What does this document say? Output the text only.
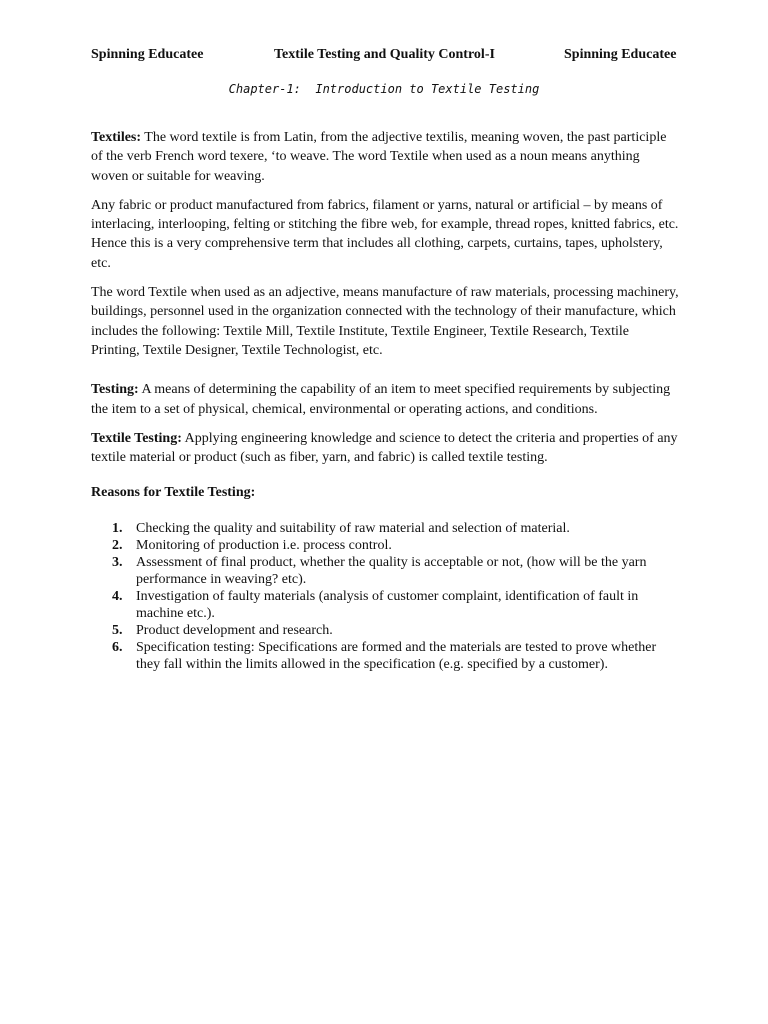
Spinning Educatee	Textile Testing and Quality Control-I	Spinning Educatee
Chapter-1:  Introduction to Textile Testing

Textiles: The word textile is from Latin, from the adjective textilis, meaning woven, the past participle of the verb French word texere, ‘to weave. The word Textile when used as a noun means anything woven or suitable for weaving.

Any fabric or product manufactured from fabrics, filament or yarns, natural or artificial – by means of interlacing, interlooping, felting or stitching the fibre web, for example, thread ropes, knitted fabrics, etc. Hence this is a very comprehensive term that includes all clothing, carpets, curtains, tapes, upholstery, etc.

The word Textile when used as an adjective, means manufacture of raw materials, processing machinery, buildings, personnel used in the organization connected with the technology of their manufacture, which includes the following: Textile Mill, Textile Institute, Textile Engineer, Textile Research, Textile Printing, Textile Designer, Textile Technologist, etc.

Testing: A means of determining the capability of an item to meet specified requirements by subjecting the item to a set of physical, chemical, environmental or operating actions, and conditions.

Textile Testing: Applying engineering knowledge and science to detect the criteria and properties of any textile material or product (such as fiber, yarn, and fabric) is called textile testing.

Reasons for Textile Testing:
1. Checking the quality and suitability of raw material and selection of material.
2. Monitoring of production i.e. process control.
3. Assessment of final product, whether the quality is acceptable or not, (how will be the yarn performance in weaving? etc).
4. Investigation of faulty materials (analysis of customer complaint, identification of fault in machine etc.).
5. Product development and research.
6. Specification testing: Specifications are formed and the materials are tested to prove whether they fall within the limits allowed in the specification (e.g. specified by a customer).
